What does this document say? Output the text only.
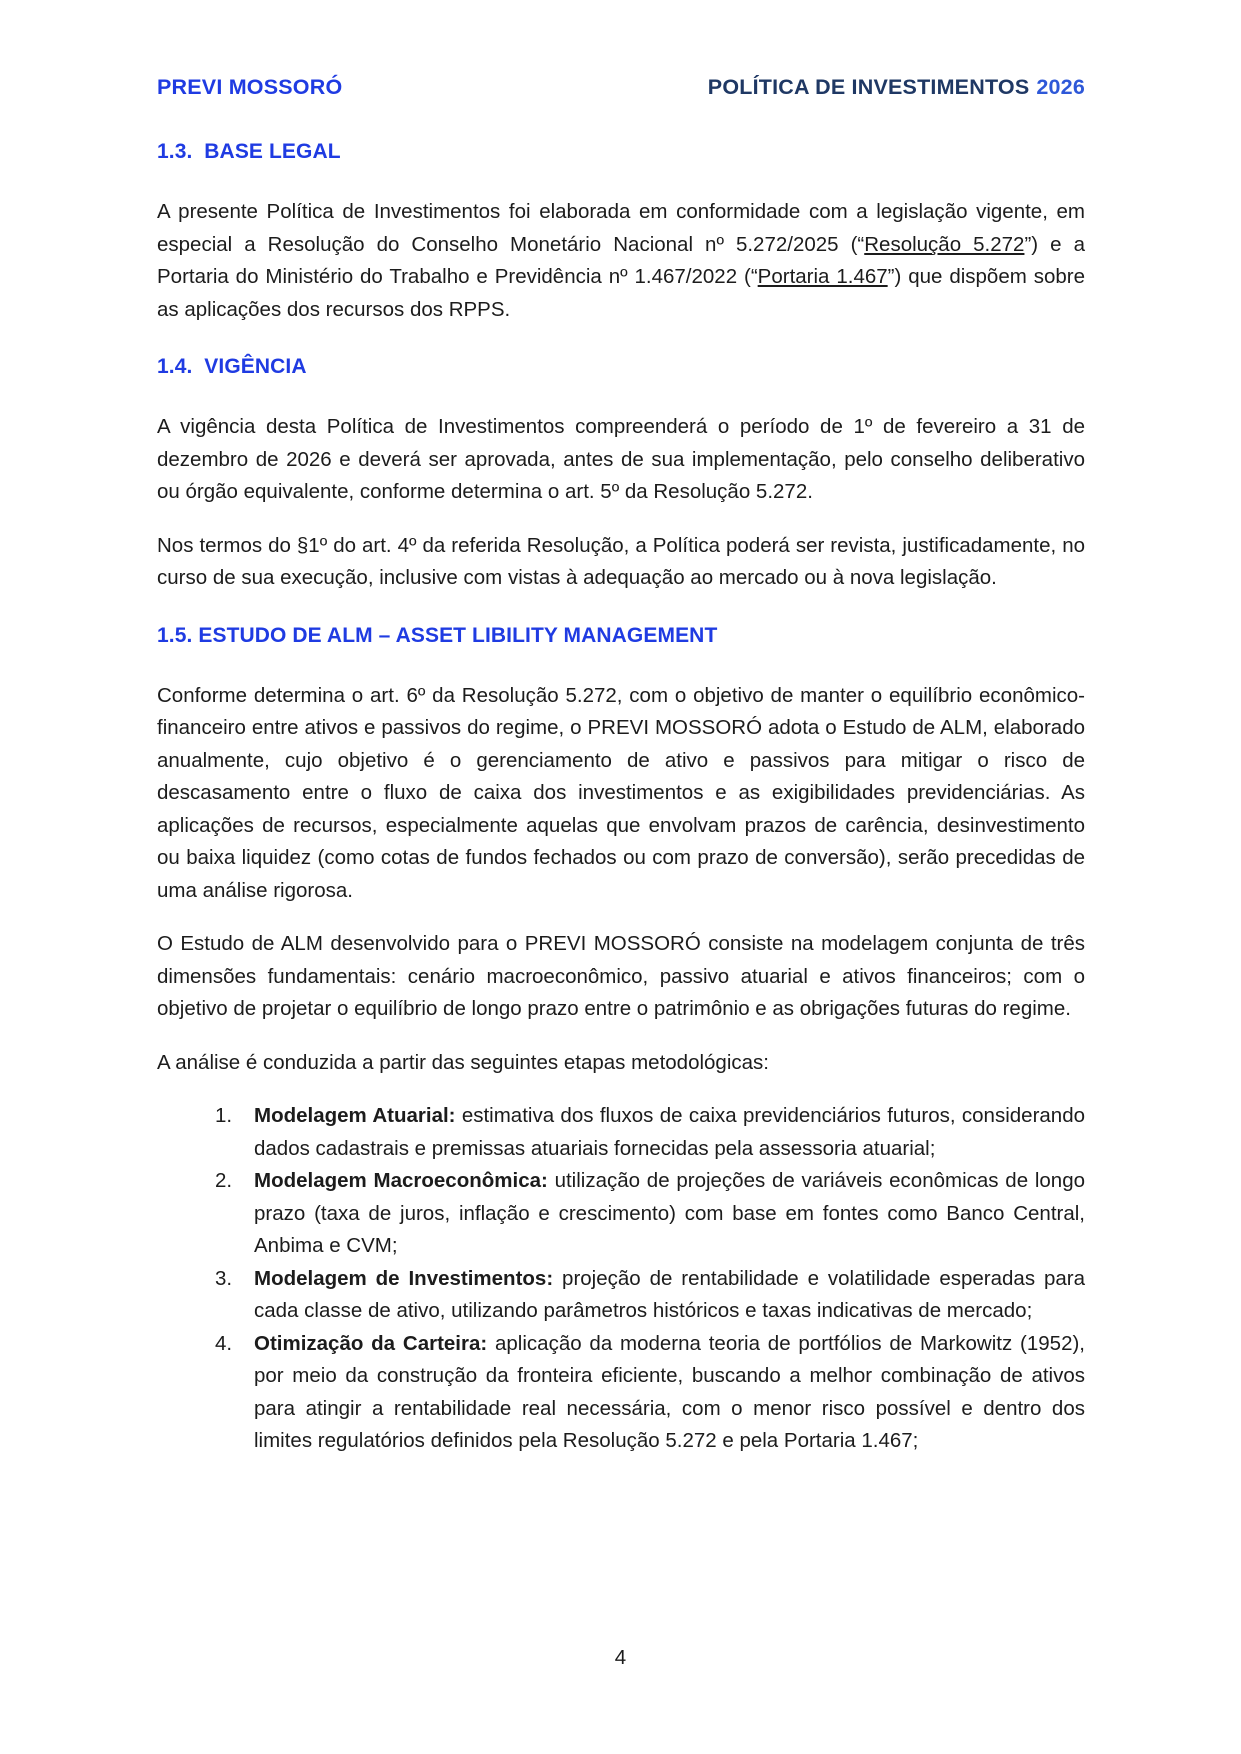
PREVI MOSSORÓ	POLÍTICA DE INVESTIMENTOS 2026
1.3.  BASE LEGAL

A presente Política de Investimentos foi elaborada em conformidade com a legislação vigente, em especial a Resolução do Conselho Monetário Nacional nº 5.272/2025 (“Resolução 5.272”) e a Portaria do Ministério do Trabalho e Previdência nº 1.467/2022 (“Portaria 1.467”) que dispõem sobre as aplicações dos recursos dos RPPS.

1.4.  VIGÊNCIA

A vigência desta Política de Investimentos compreenderá o período de 1º de fevereiro a 31 de dezembro de 2026 e deverá ser aprovada, antes de sua implementação, pelo conselho deliberativo ou órgão equivalente, conforme determina o art. 5º da Resolução 5.272.

Nos termos do §1º do art. 4º da referida Resolução, a Política poderá ser revista, justificadamente, no curso de sua execução, inclusive com vistas à adequação ao mercado ou à nova legislação.

1.5. ESTUDO DE ALM – ASSET LIBILITY MANAGEMENT

Conforme determina o art. 6º da Resolução 5.272, com o objetivo de manter o equilíbrio econômico-financeiro entre ativos e passivos do regime, o PREVI MOSSORÓ adota o Estudo de ALM, elaborado anualmente, cujo objetivo é o gerenciamento de ativo e passivos para mitigar o risco de descasamento entre o fluxo de caixa dos investimentos e as exigibilidades previdenciárias. As aplicações de recursos, especialmente aquelas que envolvam prazos de carência, desinvestimento ou baixa liquidez (como cotas de fundos fechados ou com prazo de conversão), serão precedidas de uma análise rigorosa.

O Estudo de ALM desenvolvido para o PREVI MOSSORÓ consiste na modelagem conjunta de três dimensões fundamentais: cenário macroeconômico, passivo atuarial e ativos financeiros; com o objetivo de projetar o equilíbrio de longo prazo entre o patrimônio e as obrigações futuras do regime.

A análise é conduzida a partir das seguintes etapas metodológicas:

1. Modelagem Atuarial: estimativa dos fluxos de caixa previdenciários futuros, considerando dados cadastrais e premissas atuariais fornecidas pela assessoria atuarial;
2. Modelagem Macroeconômica: utilização de projeções de variáveis econômicas de longo prazo (taxa de juros, inflação e crescimento) com base em fontes como Banco Central, Anbima e CVM;
3. Modelagem de Investimentos: projeção de rentabilidade e volatilidade esperadas para cada classe de ativo, utilizando parâmetros históricos e taxas indicativas de mercado;
4. Otimização da Carteira: aplicação da moderna teoria de portfólios de Markowitz (1952), por meio da construção da fronteira eficiente, buscando a melhor combinação de ativos para atingir a rentabilidade real necessária, com o menor risco possível e dentro dos limites regulatórios definidos pela Resolução 5.272 e pela Portaria 1.467;
4
